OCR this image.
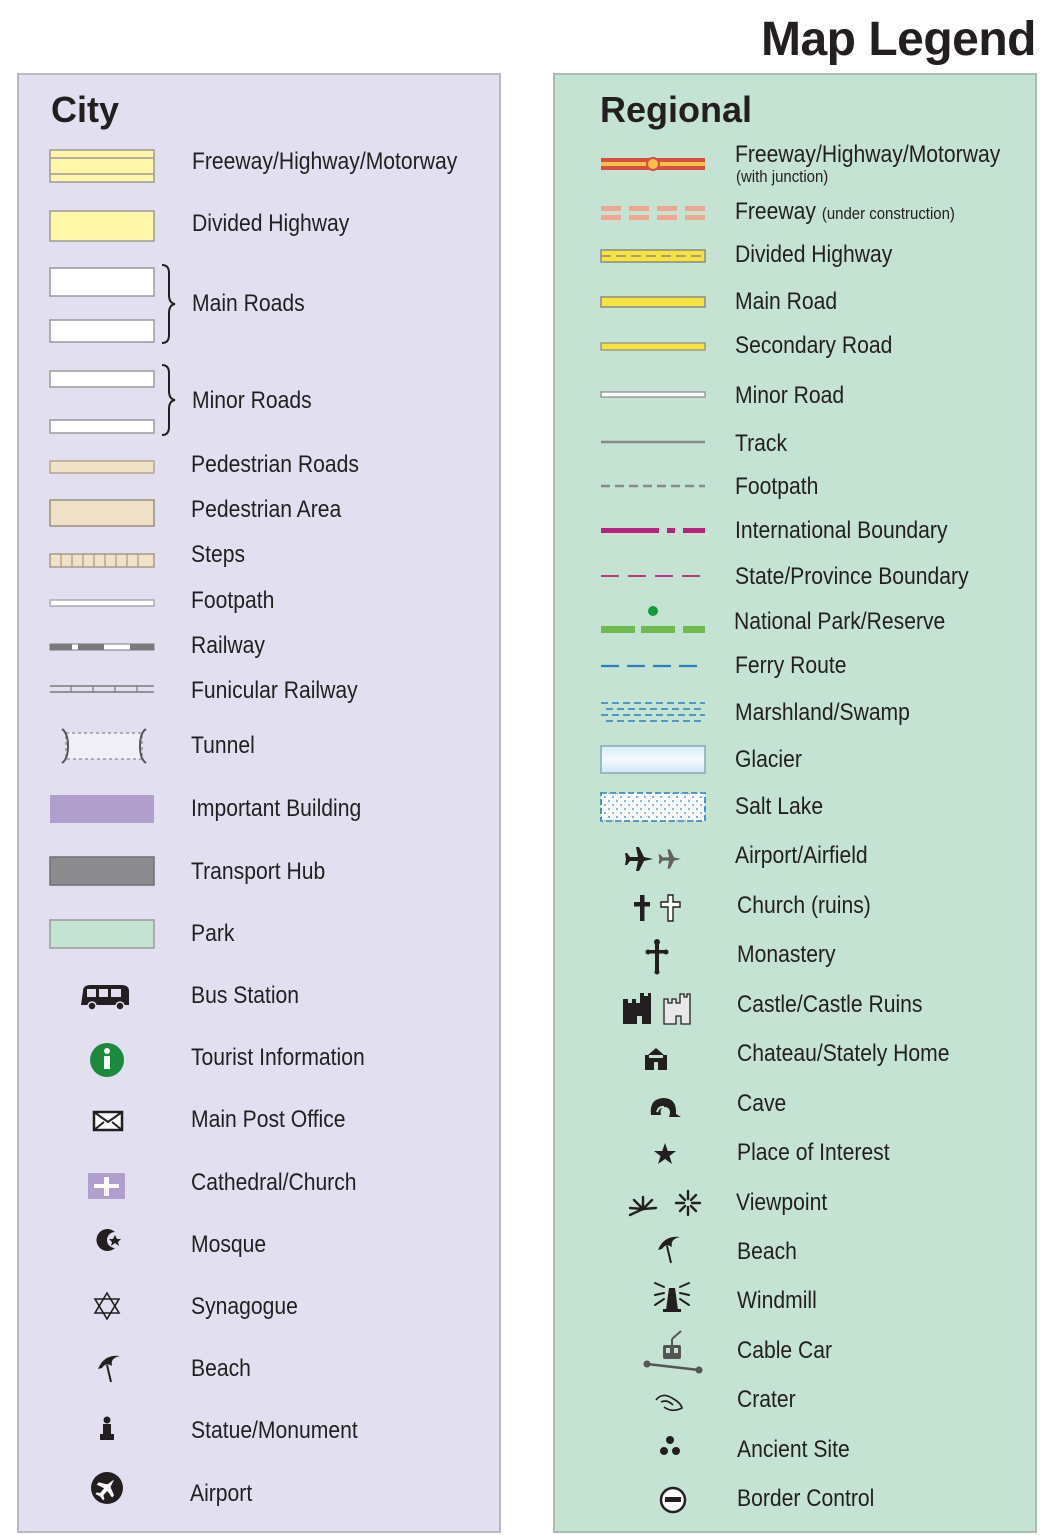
Map Legend
City
Freeway/Highway/Motorway
Divided Highway
Main Roads
Minor Roads
Pedestrian Roads
Pedestrian Area
Steps
Footpath
Railway
Funicular Railway
Tunnel
Important Building
Transport Hub
Park
Bus Station
Tourist Information
Main Post Office
Cathedral/Church
Mosque
Synagogue
Beach
Statue/Monument
Airport
Regional
Freeway/Highway/Motorway
(with junction)
Freeway (under construction)
Divided Highway
Main Road
Secondary Road
Minor Road
Track
Footpath
International Boundary
State/Province Boundary
National Park/Reserve
Ferry Route
Marshland/Swamp
Glacier
Salt Lake
Airport/Airfield
Church (ruins)
Monastery
Castle/Castle Ruins
Chateau/Stately Home
Cave
Place of Interest
Viewpoint
Beach
Windmill
Cable Car
Crater
Ancient Site
Border Control
